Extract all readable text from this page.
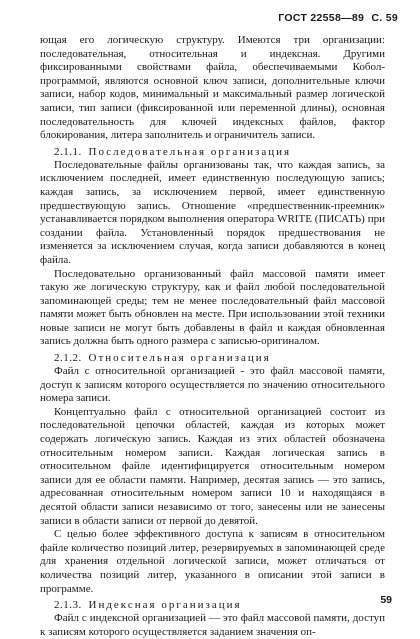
ГОСТ 22558—89 С. 59

ющая его логическую структуру. Имеются три организации: последовательная, относительная и индексная. Другими фиксированными свойствами файла, обеспечиваемыми Кобол-программой, являются основной ключ записи, дополнительные ключи записи, набор кодов, минимальный и максимальный размер логической записи, тип записи (фиксированной или переменной длины), основная последовательность для ключей индексных файлов, фактор блокирования, литера заполнитель и ограничитель записи.

2.1.1. Последовательная организация

Последовательные файлы организованы так, что каждая запись, за исключением последней, имеет единственную последующую запись; каждая запись, за исключением первой, имеет единственную предшествующую запись. Отношение «предшественник-преемник» устанавливается порядком выполнения оператора WRITE (ПИСАТЬ) при создании файла. Установленный порядок предшествования не изменяется за исключением случая, когда записи добавляются в конец файла.

Последовательно организованный файл массовой памяти имеет такую же логическую структуру, как и файл любой последовательной запоминающей среды; тем не менее последовательный файл массовой памяти может быть обновлен на месте. При использовании этой техники новые записи не могут быть добавлены в файл и каждая обновленная запись должна быть одного размера с записью-оригиналом.

2.1.2. Относительная организация

Файл с относительной организацией - это файл массовой памяти, доступ к записям которого осуществляется по значению относительного номера записи.

Концептуально файл с относительной организацией состоит из последовательной цепочки областей, каждая из которых может содержать логическую запись. Каждая из этих областей обозначена относительным номером записи. Каждая логическая запись в относительном файле идентифицируется относительным номером записи для ее области памяти. Например, десятая запись — это запись, адресованная относительным номером записи 10 и находящаяся в десятой области записи независимо от того, занесены или не занесены записи в области записи от первой до девятой.

С целью более эффективного доступа к записям в относительном файле количество позиций литер, резервируемых в запоминающей среде для хранения отдельной логической записи, может отличаться от количества позиций литер, указанного в описании этой записи в программе.

2.1.3. Индексная организация

Файл с индексной организацией — это файл массовой памяти, доступ к записям которого осуществляется заданием значения оп-

59
